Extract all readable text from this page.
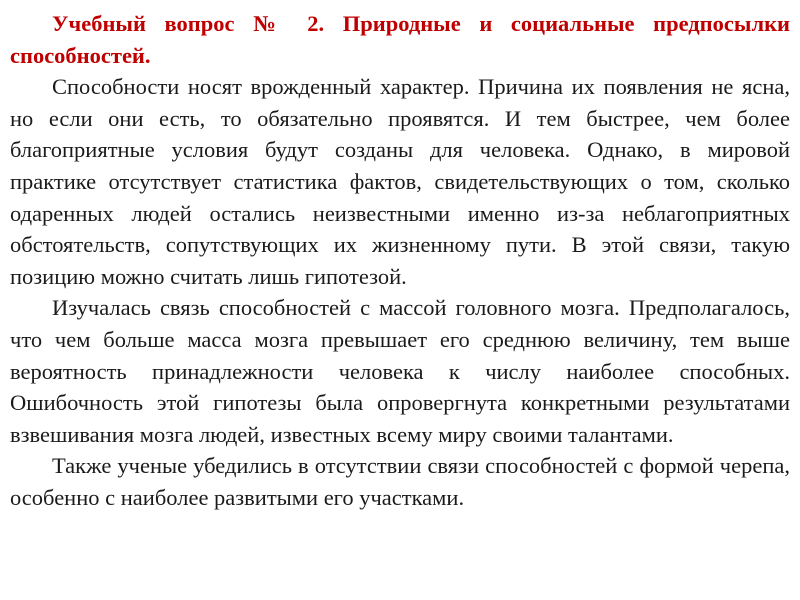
Учебный вопрос № 2. Природные и социальные предпосылки способностей.

Способности носят врожденный характер. Причина их появления не ясна, но если они есть, то обязательно проявятся. И тем быстрее, чем более благоприятные условия будут созданы для человека. Однако, в мировой практике отсутствует статистика фактов, свидетельствующих о том, сколько одаренных людей остались неизвестными именно из-за неблагоприятных обстоятельств, сопутствующих их жизненному пути. В этой связи, такую позицию можно считать лишь гипотезой.

Изучалась связь способностей с массой головного мозга. Предполагалось, что чем больше масса мозга превышает его среднюю величину, тем выше вероятность принадлежности человека к числу наиболее способных. Ошибочность этой гипотезы была опровергнута конкретными результатами взвешивания мозга людей, известных всему миру своими талантами.

Также ученые убедились в отсутствии связи способностей с формой черепа, особенно с наиболее развитыми его участками.
